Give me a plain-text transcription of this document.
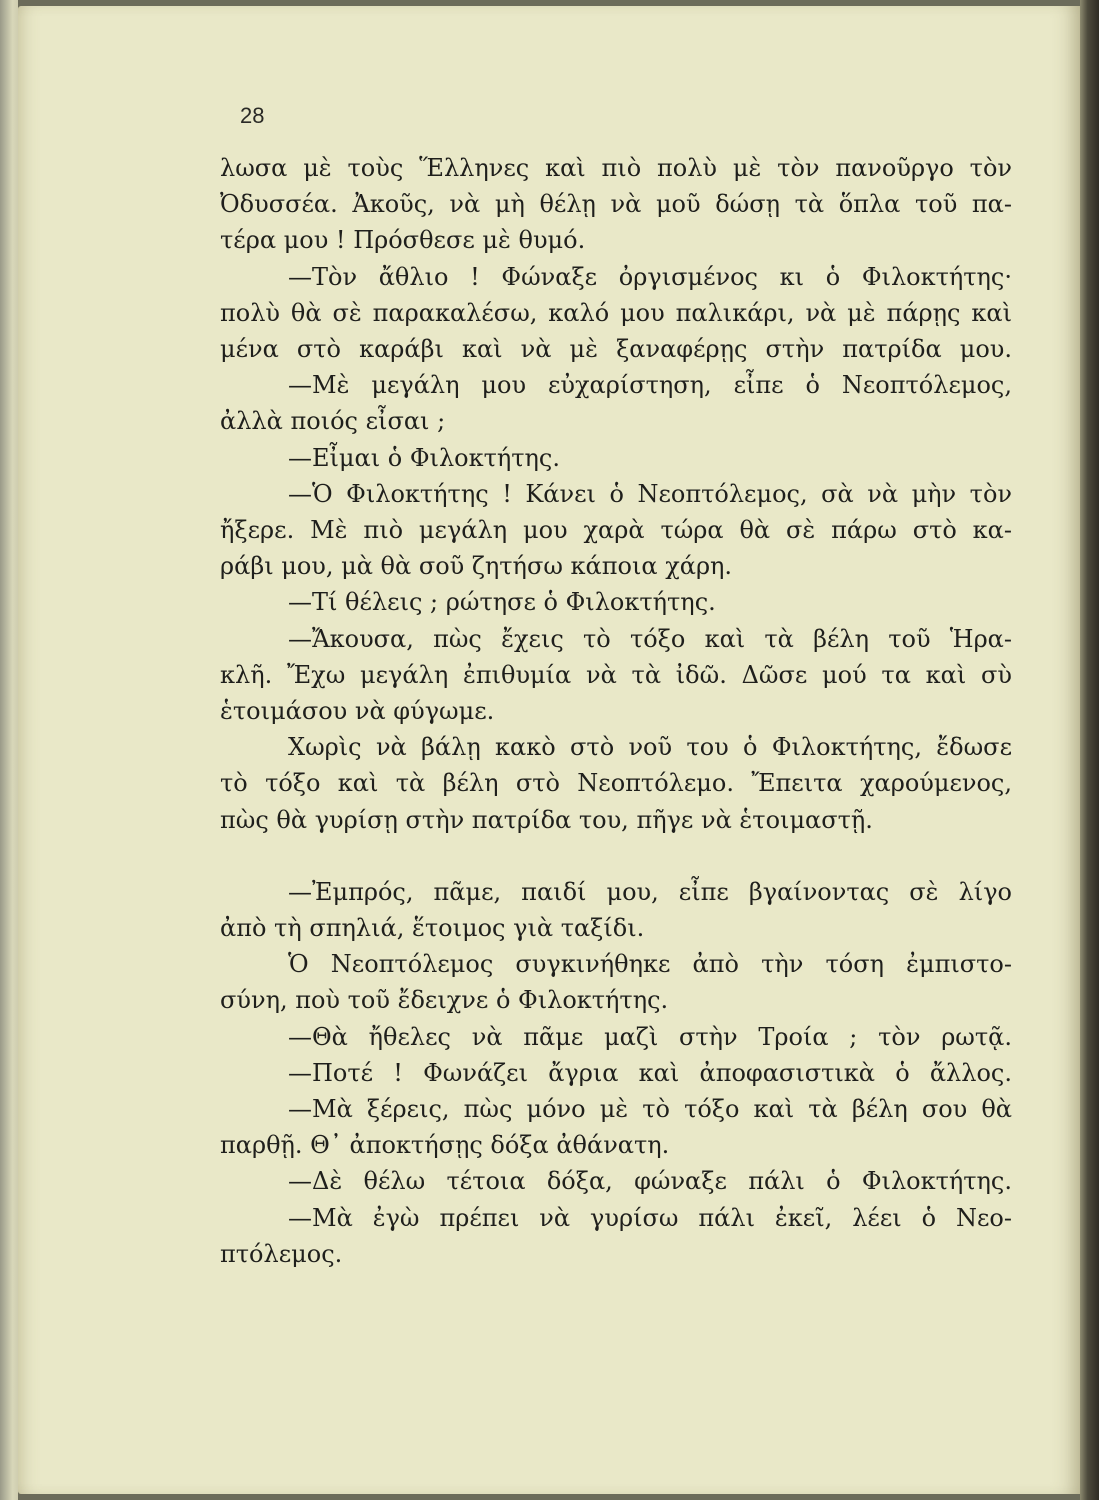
28
λωσα μὲ τοὺς Ἕλληνες καὶ πιὸ πολὺ μὲ τὸν πανοῦργο τὸν
Ὀδυσσέα. Ἀκοῦς, νὰ μὴ θέλῃ νὰ μοῦ δώσῃ τὰ ὅπλα τοῦ πα-
τέρα μου ! Πρόσθεσε μὲ θυμό.
—Τὸν ἄθλιο ! Φώναξε ὀργισμένος κι ὁ Φιλοκτήτης·
πολὺ θὰ σὲ παρακαλέσω, καλό μου παλικάρι, νὰ μὲ πάρῃς καὶ
μένα στὸ καράβι καὶ νὰ μὲ ξαναφέρῃς στὴν πατρίδα μου.
—Μὲ μεγάλη μου εὐχαρίστηση, εἶπε ὁ Νεοπτόλεμος,
ἀλλὰ ποιός εἶσαι ;
—Εἶμαι ὁ Φιλοκτήτης.
—Ὁ Φιλοκτήτης ! Κάνει ὁ Νεοπτόλεμος, σὰ νὰ μὴν τὸν
ἤξερε. Μὲ πιὸ μεγάλη μου χαρὰ τώρα θὰ σὲ πάρω στὸ κα-
ράβι μου, μὰ θὰ σοῦ ζητήσω κάποια χάρη.
—Τί θέλεις ; ρώτησε ὁ Φιλοκτήτης.
—Ἄκουσα, πὼς ἔχεις τὸ τόξο καὶ τὰ βέλη τοῦ Ἡρα-
κλῆ. Ἔχω μεγάλη ἐπιθυμία νὰ τὰ ἰδῶ. Δῶσε μού τα καὶ σὺ
ἑτοιμάσου νὰ φύγωμε.
Χωρὶς νὰ βάλῃ κακὸ στὸ νοῦ του ὁ Φιλοκτήτης, ἔδωσε
τὸ τόξο καὶ τὰ βέλη στὸ Νεοπτόλεμο. Ἔπειτα χαρούμενος,
πὼς θὰ γυρίσῃ στὴν πατρίδα του, πῆγε νὰ ἑτοιμαστῇ.
—Ἐμπρός, πᾶμε, παιδί μου, εἶπε βγαίνοντας σὲ λίγο
ἀπὸ τὴ σπηλιά, ἕτοιμος γιὰ ταξίδι.
Ὁ Νεοπτόλεμος συγκινήθηκε ἀπὸ τὴν τόση ἐμπιστο-
σύνη, ποὺ τοῦ ἔδειχνε ὁ Φιλοκτήτης.
—Θὰ ἤθελες νὰ πᾶμε μαζὶ στὴν Τροία ; τὸν ρωτᾷ.
—Ποτέ ! Φωνάζει ἄγρια καὶ ἀποφασιστικὰ ὁ ἄλλος.
—Μὰ ξέρεις, πὼς μόνο μὲ τὸ τόξο καὶ τὰ βέλη σου θὰ
παρθῇ. Θ᾽ ἀποκτήσῃς δόξα ἀθάνατη.
—Δὲ θέλω τέτοια δόξα, φώναξε πάλι ὁ Φιλοκτήτης.
—Μὰ ἐγὼ πρέπει νὰ γυρίσω πάλι ἐκεῖ, λέει ὁ Νεο-
πτόλεμος.
